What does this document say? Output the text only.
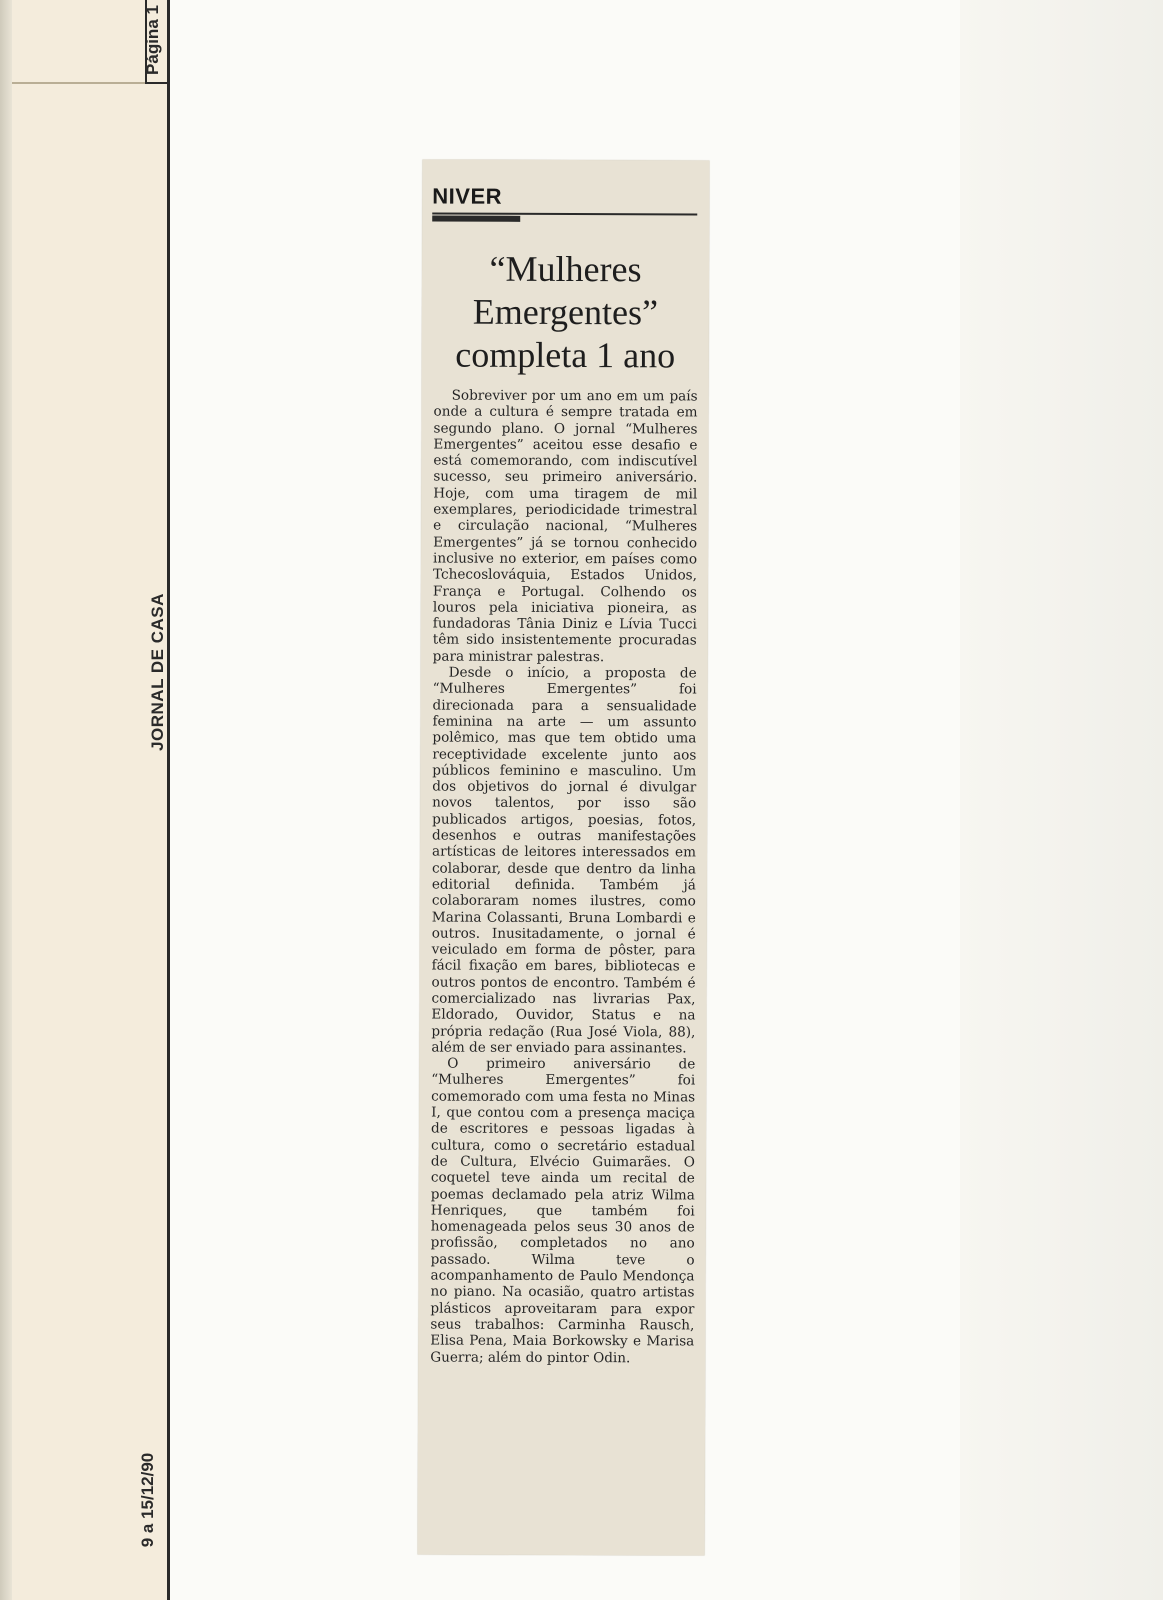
Página 1
JORNAL DE CASA
9 a 15/12/90
NIVER
“Mulheres
Emergentes”
completa 1 ano

Sobreviver por um ano em um país onde a cultura é sempre tratada em segundo plano. O jornal “Mulheres Emergentes” aceitou esse desafio e está comemorando, com indiscutível sucesso, seu primeiro aniversário. Hoje, com uma tiragem de mil exemplares, periodicidade trimestral e circulação nacional, “Mulheres Emergentes” já se tornou conhecido inclusive no exterior, em países como Tchecoslováquia, Estados Unidos, França e Portugal. Colhendo os louros pela iniciativa pioneira, as fundadoras Tânia Diniz e Lívia Tucci têm sido insistentemente procuradas para ministrar palestras.

Desde o início, a proposta de “Mulheres Emergentes” foi direcionada para a sensualidade feminina na arte — um assunto polêmico, mas que tem obtido uma receptividade excelente junto aos públicos feminino e masculino. Um dos objetivos do jornal é divulgar novos talentos, por isso são publicados artigos, poesias, fotos, desenhos e outras manifestações artísticas de leitores interessados em colaborar, desde que dentro da linha editorial definida. Também já colaboraram nomes ilustres, como Marina Colassanti, Bruna Lombardi e outros. Inusitadamente, o jornal é veiculado em forma de pôster, para fácil fixação em bares, bibliotecas e outros pontos de encontro. Também é comercializado nas livrarias Pax, Eldorado, Ouvidor, Status e na própria redação (Rua José Viola, 88), além de ser enviado para assinantes.

O primeiro aniversário de “Mulheres Emergentes” foi comemorado com uma festa no Minas I, que contou com a presença maciça de escritores e pessoas ligadas à cultura, como o secretário estadual de Cultura, Elvécio Guimarães. O coquetel teve ainda um recital de poemas declamado pela atriz Wilma Henriques, que também foi homenageada pelos seus 30 anos de profissão, completados no ano passado. Wilma teve o acompanhamento de Paulo Mendonça no piano. Na ocasião, quatro artistas plásticos aproveitaram para expor seus trabalhos: Carminha Rausch, Elisa Pena, Maia Borkowsky e Marisa Guerra; além do pintor Odin.
